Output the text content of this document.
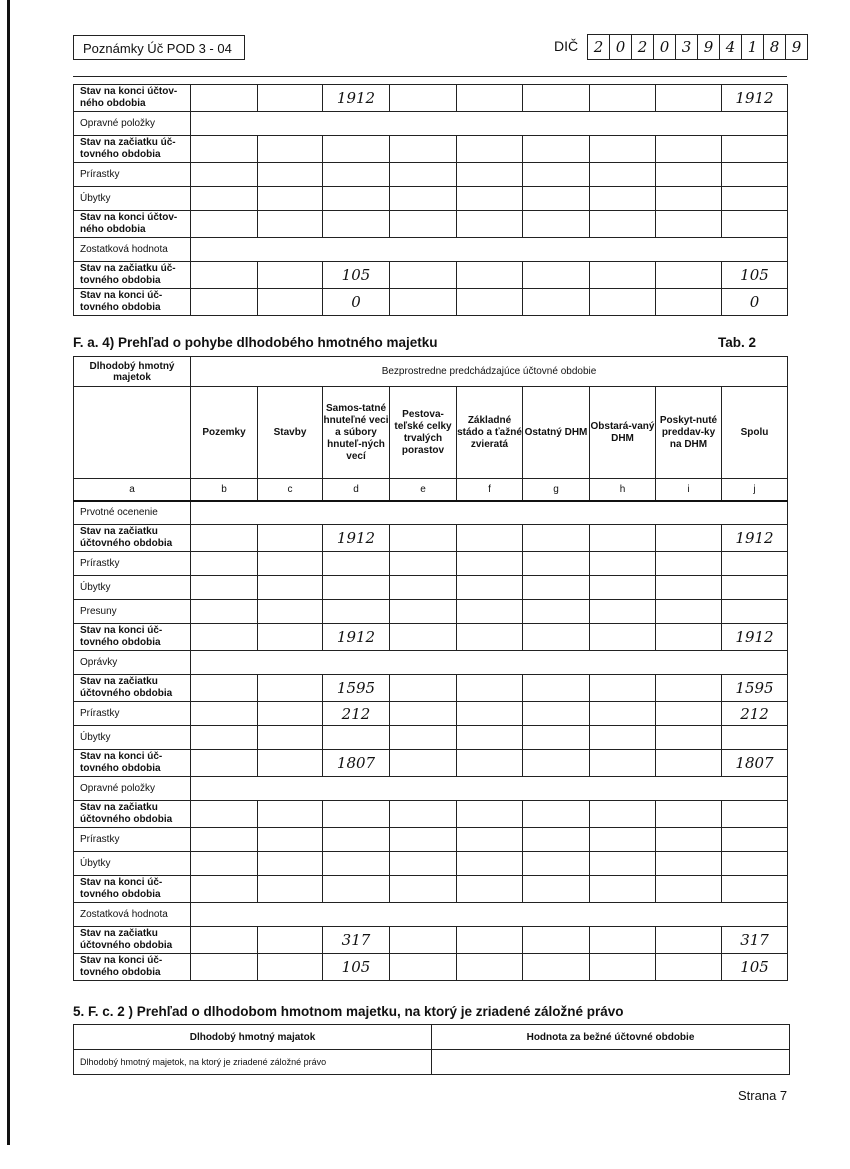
Poznámky Úč POD 3 - 04	DIČ	2 0 2 0 3 9 4 1 8 9
Stav na konci účtov-ného obdobia			1912						1912
Opravné položky									
Stav na začiatku úč-tovného obdobia									
Prírastky									
Úbytky									
Stav na konci účtov-ného obdobia									
Zostatková hodnota									
Stav na začiatku úč-tovného obdobia			105						105
Stav na konci úč-tovného obdobia			0						0
F. a. 4) Prehľad o pohybe dlhodobého hmotného majetku	Tab. 2
Dlhodobý hmotný majetok	Bezprostredne predchádzajúce účtovné obdobie								
	Pozemky	Stavby	Samos-tatné hnuteľné veci a súbory hnuteľ-ných vecí	Pestova-teľské celky trvalých porastov	Základné stádo a ťažné zvieratá	Ostatný DHM	Obstará-vaný DHM	Poskyt-nuté preddav-ky na DHM	Spolu
a	b	c	d	e	f	g	h	i	j
Prvotné ocenenie									
Stav na začiatku účtovného obdobia			1912						1912
Prírastky									
Úbytky									
Presuny									
Stav na konci úč-tovného obdobia			1912						1912
Oprávky									
Stav na začiatku účtovného obdobia			1595						1595
Prírastky			212						212
Úbytky									
Stav na konci úč-tovného obdobia			1807						1807
Opravné položky									
Stav na začiatku účtovného obdobia									
Prírastky									
Úbytky									
Stav na konci úč-tovného obdobia									
Zostatková hodnota									
Stav na začiatku účtovného obdobia			317						317
Stav na konci úč-tovného obdobia			105						105
5. F. c. 2 ) Prehľad o dlhodobom hmotnom majetku, na ktorý je zriadené záložné právo
Dlhodobý hmotný majatok	Hodnota za bežné účtovné obdobie
Dlhodobý hmotný majetok, na ktorý je zriadené záložné právo	
Strana 7
